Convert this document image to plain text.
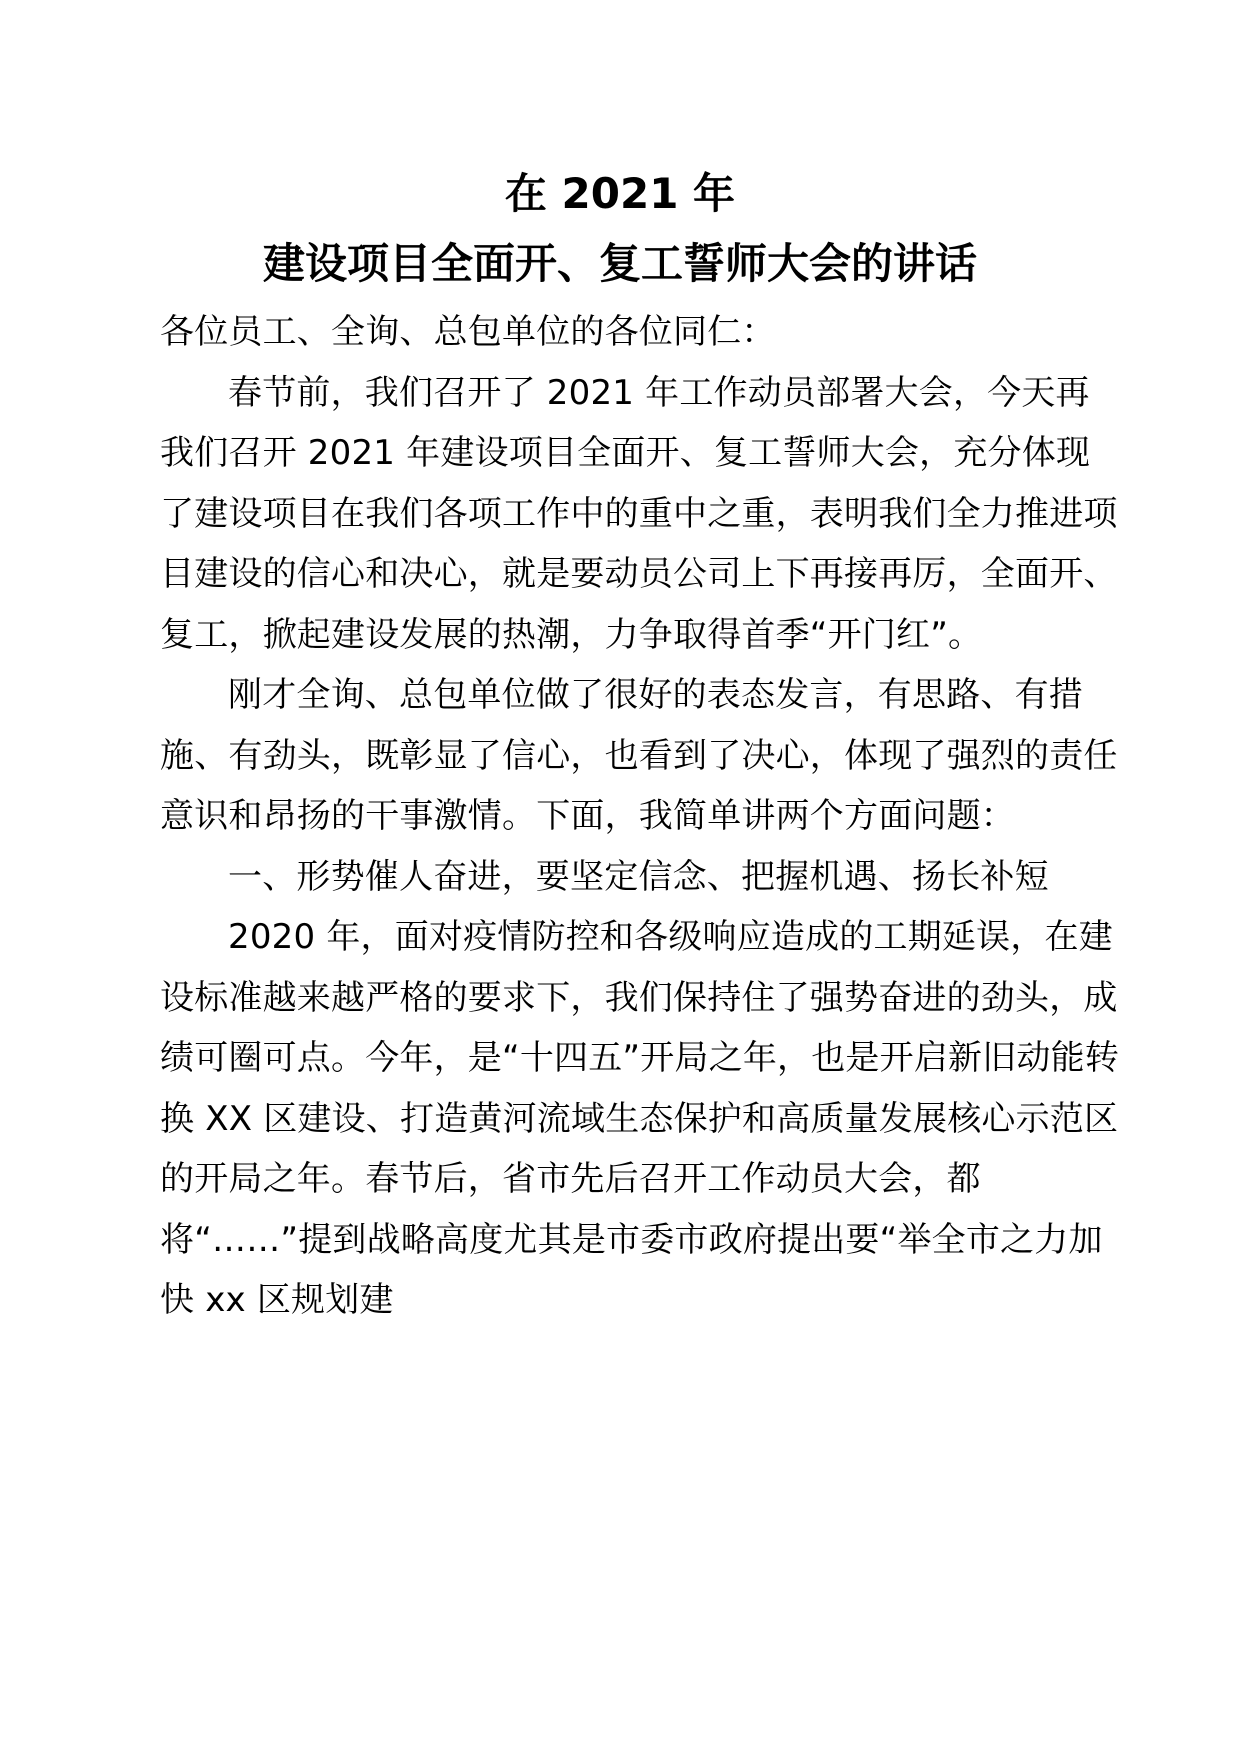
在 2021 年
建设项目全面开、复工誓师大会的讲话

各位员工、全询、总包单位的各位同仁：

春节前，我们召开了 2021 年工作动员部署大会，今天再我们召开 2021 年建设项目全面开、复工誓师大会，充分体现了建设项目在我们各项工作中的重中之重，表明我们全力推进项目建设的信心和决心，就是要动员公司上下再接再厉，全面开、复工，掀起建设发展的热潮，力争取得首季“开门红”。

刚才全询、总包单位做了很好的表态发言，有思路、有措施、有劲头，既彰显了信心，也看到了决心，体现了强烈的责任意识和昂扬的干事激情。下面，我简单讲两个方面问题：

一、形势催人奋进，要坚定信念、把握机遇、扬长补短

2020 年，面对疫情防控和各级响应造成的工期延误，在建设标准越来越严格的要求下，我们保持住了强势奋进的劲头，成绩可圈可点。今年，是“十四五”开局之年，也是开启新旧动能转换 XX 区建设、打造黄河流域生态保护和高质量发展核心示范区的开局之年。春节后，省市先后召开工作动员大会，都将“……”提到战略高度尤其是市委市政府提出要“举全市之力加快 xx 区规划建
